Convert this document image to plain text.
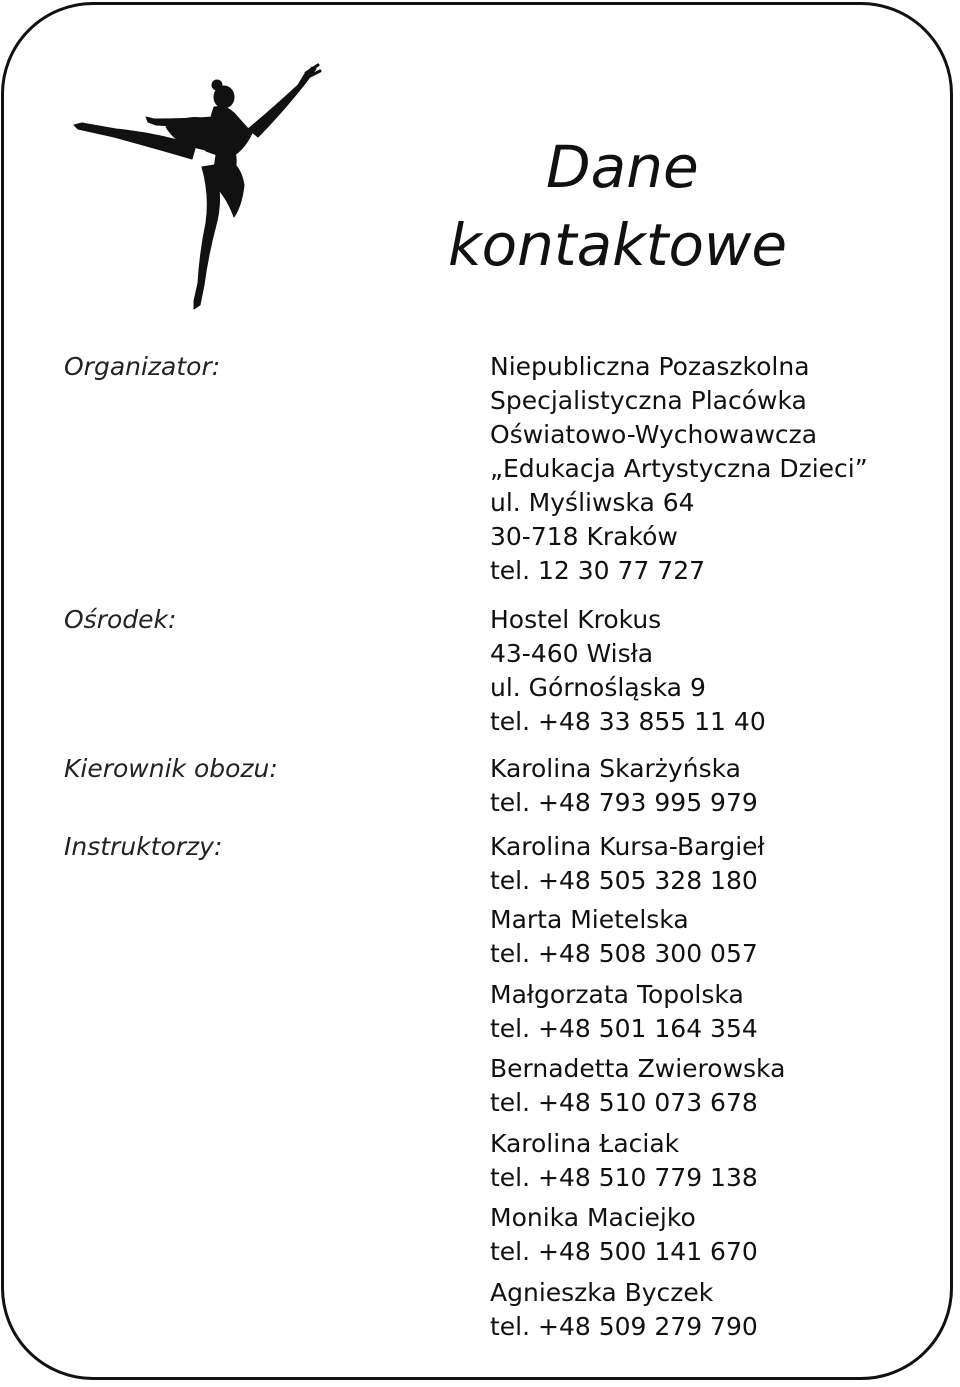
Dane
kontaktowe
Organizator:
Ośrodek:
Kierownik obozu:
Instruktorzy:
Niepubliczna Pozaszkolna
Specjalistyczna Placówka
Oświatowo-Wychowawcza
„Edukacja Artystyczna Dzieci”
ul. Myśliwska 64
30-718 Kraków
tel. 12 30 77 727
Hostel Krokus
43-460 Wisła
ul. Górnośląska 9
tel. +48 33 855 11 40
Karolina Skarżyńska
tel. +48 793 995 979
Karolina Kursa-Bargieł
tel. +48 505 328 180
Marta Mietelska
tel. +48 508 300 057
Małgorzata Topolska
tel. +48 501 164 354
Bernadetta Zwierowska
tel. +48 510 073 678
Karolina Łaciak
tel. +48 510 779 138
Monika Maciejko
tel. +48 500 141 670
Agnieszka Byczek
tel. +48 509 279 790
